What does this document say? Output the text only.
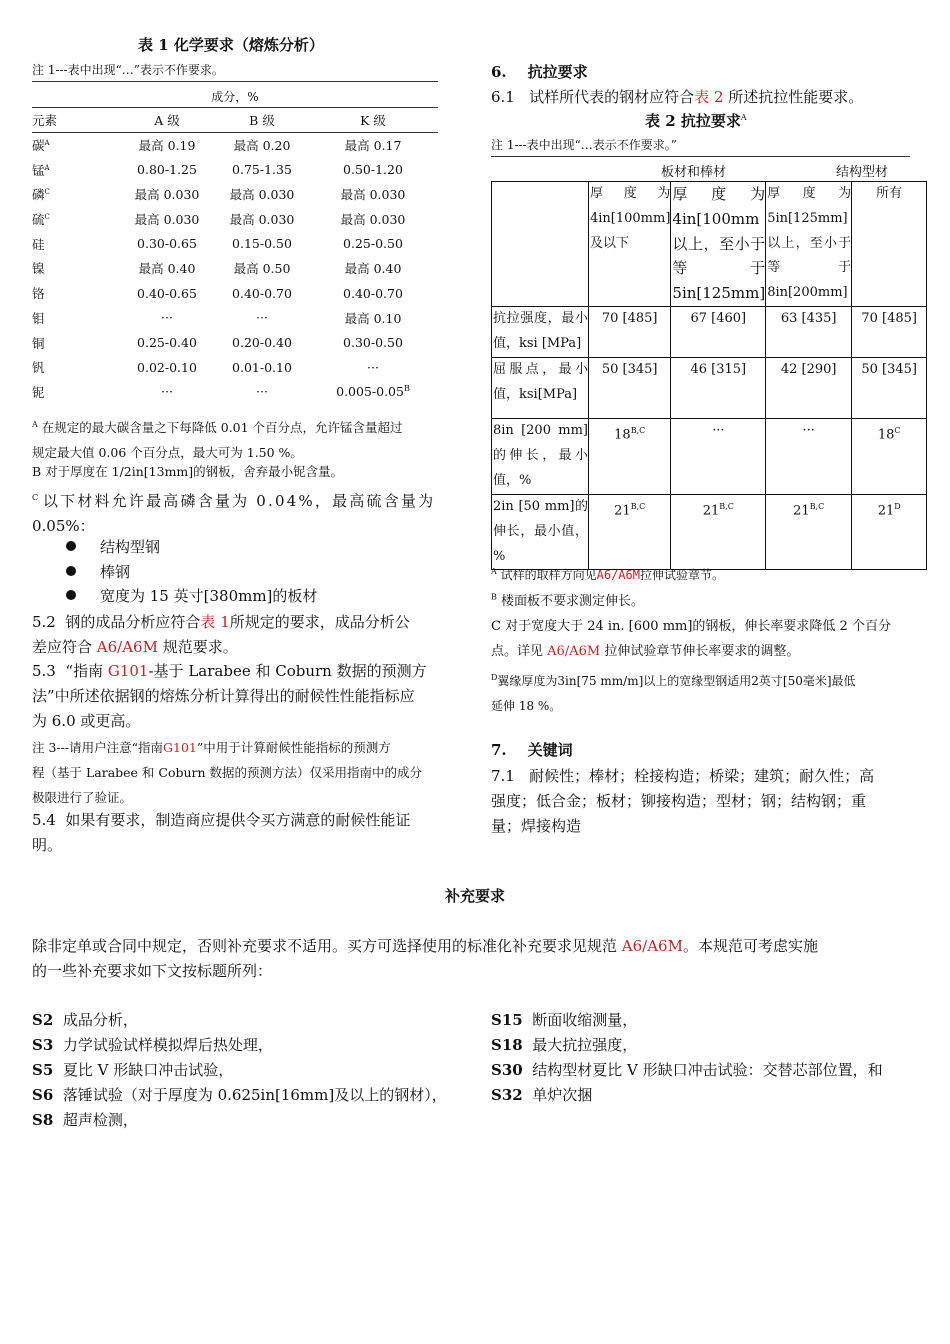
表 1 化学要求（熔炼分析）
注 1---表中出现“…”表示不作要求。
成分，%
元素	A 级	B 级	K 级
碳$^A$	最高 0.19	最高 0.20	最高 0.17
锰$^A$	0.80-1.25	0.75-1.35	0.50-1.20
磷$^C$	最高 0.030	最高 0.030	最高 0.030
硫$^C$	最高 0.030	最高 0.030	最高 0.030
硅	0.30-0.65	0.15-0.50	0.25-0.50
镍	最高 0.40	最高 0.50	最高 0.40
铬	0.40-0.65	0.40-0.70	0.40-0.70
钼	···	···	最高 0.10
铜	0.25-0.40	0.20-0.40	0.30-0.50
钒	0.02-0.10	0.01-0.10	···
铌	···	···	$0.005-0.05^B$
$^A$ 在规定的最大碳含量之下每降低 0.01 个百分点，允许锰含量超过
规定最大值 0.06 个百分点，最大可为 1.50 %。
B 对于厚度在 1/2in[13mm]的钢板，舍弃最小铌含量。
$^C$ 以下材料允许最高磷含量为 0.04%，最高硫含量为
0.05%：
结构型钢
棒钢
宽度为 15 英寸[380mm]的板材
5.2 钢的成品分析应符合表 1所规定的要求，成品分析公
差应符合 A6/A6M 规范要求。
5.3 “指南 G101-基于 Larabee 和 Coburn 数据的预测方
法”中所述依据钢的熔炼分析计算得出的耐候性性能指标应
为 6.0 或更高。
注 3---请用户注意“指南G101”中用于计算耐候性能指标的预测方
程（基于 Larabee 和 Coburn 数据的预测方法）仅采用指南中的成分
极限进行了验证。
5.4 如果有要求，制造商应提供令买方满意的耐候性能证
明。
6. 抗拉要求
6.1 试样所代表的钢材应符合表 2 所述抗拉性能要求。
表 2 抗拉要求$^A$
注 1---表中出现“…表示不作要求。”
板材和棒材	结构型材
	厚度为4in[100mm]及以下	厚度为4in[100mm以上，至小于等于5in[125mm]	厚度为5in[125mm]以上，至小于等于8in[200mm]	所有
抗拉强度，最小值，ksi [MPa]	70 [485]	67 [460]	63 [435]	70 [485]
屈服点，最小值，ksi[MPa]	50 [345]	46 [315]	42 [290]	50 [345]
8in [200 mm]的伸长，最小值，%	$18^{B,C}$	···	···	$18^C$
2in [50 mm]的伸长，最小值，%	$21^{B,C}$	$21^{B,C}$	$21^{B,C}$	$21^D$
$^A$ 试样的取样方向见A6/A6M拉伸试验章节。
$^B$ 楼面板不要求测定伸长。
C 对于宽度大于 24 in. [600 mm]的钢板，伸长率要求降低 2 个百分
点。详见 A6/A6M 拉伸试验章节伸长率要求的调整。
$^D$翼缘厚度为3in[75 mm/m]以上的宽缘型钢适用2英寸[50毫米]最低
延伸 18 %。
7. 关键词
7.1 耐候性；棒材；栓接构造；桥梁；建筑；耐久性；高
强度；低合金；板材；铆接构造；型材；钢；结构钢；重
量；焊接构造
补充要求
除非定单或合同中规定，否则补充要求不适用。买方可选择使用的标准化补充要求见规范 A6/A6M。本规范可考虑实施
的一些补充要求如下文按标题所列：
S2 成品分析，
S3 力学试验试样模拟焊后热处理，
S5 夏比 V 形缺口冲击试验，
S6 落锤试验（对于厚度为 0.625in[16mm]及以上的钢材），
S8 超声检测，
S15 断面收缩测量，
S18 最大抗拉强度，
S30 结构型材夏比 V 形缺口冲击试验：交替芯部位置，和
S32 单炉次捆
